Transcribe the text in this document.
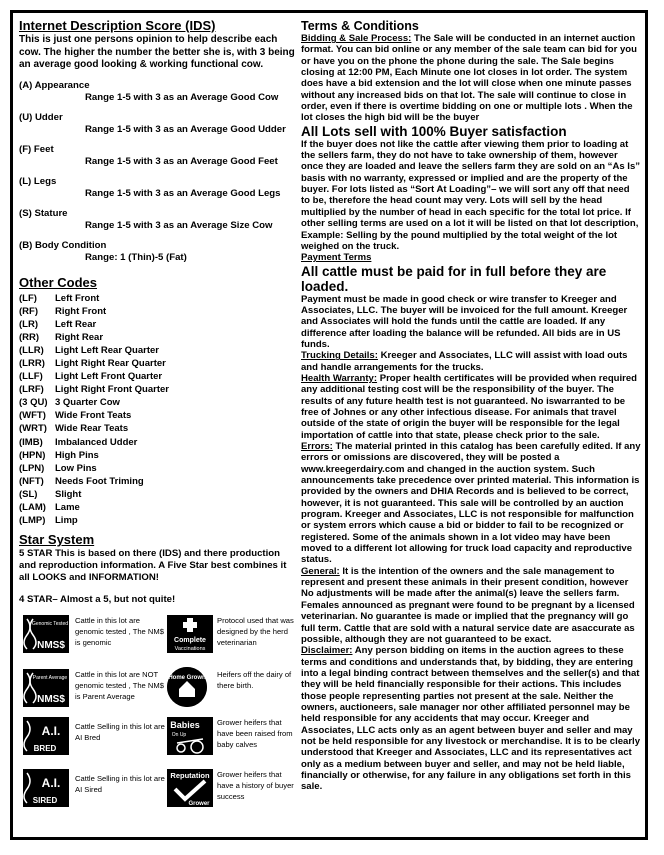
Internet Description Score (IDS)

This is just one persons opinion to help describe each cow. The higher the number the better she is, with 3 being an average good looking & working functional cow.

(A) Appearance
Range 1-5 with 3 as an Average Good Cow
(U) Udder
Range 1-5 with 3 as an Average Good Udder
(F) Feet
Range 1-5 with 3 as an Average Good Feet
(L) Legs
Range 1-5 with 3 as an Average Good Legs
(S) Stature
Range 1-5 with 3 as an Average Size Cow
(B) Body Condition
Range: 1 (Thin)-5 (Fat)
Other Codes
(LF)	Left Front
(RF)	Right Front
(LR)	Left Rear
(RR)	Right Rear
(LLR)	Light Left Rear Quarter
(LRR)	Light Right Rear Quarter
(LLF)	Light Left Front Quarter
(LRF)	Light Right Front Quarter
(3 QU) 3 Quarter Cow
(WFT) Wide Front Teats
(WRT) Wide Rear Teats
(IMB)	Imbalanced Udder
(HPN)	High Pins
(LPN)	Low Pins
(NFT)	Needs Foot Triming
(SL)	Slight
(LAM) Lame
(LMP)	Limp
Star System

5 STAR This is based on there (IDS) and there production and reproduction information. A Five Star best combines it all LOOKS and INFORMATION!

4 STAR– Almost a 5, but not quite!

Genomic Tested
NMS$
Cattle in this lot are genomic tested , The NM$ is genomic	Complete
Vaccinations
Protocol used that was designed by the herd veterinarian
Parent Average
NMS$
Cattle in this lot are NOT genomic tested , The NM$ is Parent Average
Home Grown Heifers off the dairy of there birth.
A.I.
BRED
Cattle Selling in this lot are AI Bred
Babies
On Up
Grower heifers that have been raised from baby calves
A.I.
SIRED
Cattle Selling in this lot are AI Sired
Reputation
Grower
Grower heifers that have a history of buyer success
Terms & Conditions

Bidding & Sale Process: The Sale will be conducted in an internet auction format. You can bid online or any member of the sale team can bid for you or have you on the phone the phone during the sale. The Sale begins closing at 12:00 PM, Each Minute one lot closes in lot order. The system does have a bid extension and the lot will close when one minute passes without any increased bids on that lot. The sale will continue to close in order, even if there is overtime bidding on one or multiple lots . When the lot closes the high bid will be the buyer

All Lots sell with 100% Buyer satisfaction

If the buyer does not like the cattle after viewing them prior to loading at the sellers farm, they do not have to take ownership of them, however once they are loaded and leave the sellers farm they are sold on an “As Is” basis with no warranty, expressed or implied and are the property of the buyer. For lots listed as “Sort At Loading”– we will sort any off that need to be, therefore the head count may very. Lots will sell by the head multiplied by the number of head in each specific for the total lot price. If other selling terms are used on a lot it will be listed on that lot description,

Example: Selling by the pound multiplied by the total weight of the lot weighed on the truck.

Payment Terms

All cattle must be paid for in full before they are loaded.

Payment must be made in good check or wire transfer to Kreeger and Associates, LLC. The buyer will be invoiced for the full amount. Kreeger and Associates will hold the funds until the cattle are loaded. If any difference after loading the balance will be refunded. All bids are in US funds.

Trucking Details: Kreeger and Associates, LLC will assist with load outs and handle arrangements for the trucks.

Health Warranty: Proper health certificates will be provided when required any additional testing cost will be the responsibility of the buyer. The results of any future health test is not guaranteed. No iswarranted to be free of Johnes or any other infectious disease. For animals that travel outside of the state of origin the buyer will be responsible for the legal importation of cattle into that state, please check prior to the sale.

Errors: The material printed in this catalog has been carefully edited. If any errors or omissions are discovered, they will be posted a www.kreegerdairy.com and changed in the auction system. Such announcements take precedence over printed material. This information is provided by the owners and DHIA Records and is believed to be correct, however, it is not guaranteed. This sale will be controlled by an auction program. Kreeger and Associates, LLC is not responsible for malfunction or system errors which cause a bid or bidder to fail to be recognized or registered. Some of the animals shown in a lot video may have been moved to a different lot allowing for truck load capacity and reproductive status.

General: It is the intention of the owners and the sale management to represent and present these animals in their present condition, however No adjustments will be made after the animal(s) leave the sellers farm. Females announced as pregnant were found to be pregnant by a licensed veterinarian. No guarantee is made or implied that the pregnancy will go full term. Cattle that are sold with a natural service date are asaccurate as possible, although they are not guaranteed to be exact.

Disclaimer: Any person bidding on items in the auction agrees to these terms and conditions and understands that, by bidding, they are entering into a legal binding contract between themselves and the seller(s) and that they will be held financially responsible for their actions. This includes those people representing parties not present at the sale. Neither the owners, auctioneers, sale manager nor other affiliated personnel may be held responsible for any accidents that may occur. Kreeger and Associates, LLC acts only as an agent between buyer and seller and may not be held responsible for any livestock or merchandise. It is to be clearly understood that Kreeger and Associates, LLC and its representatives act only as a medium between buyer and seller, and may not be held liable, financially or otherwise, for any failure in any obligations set forth in this sale.
